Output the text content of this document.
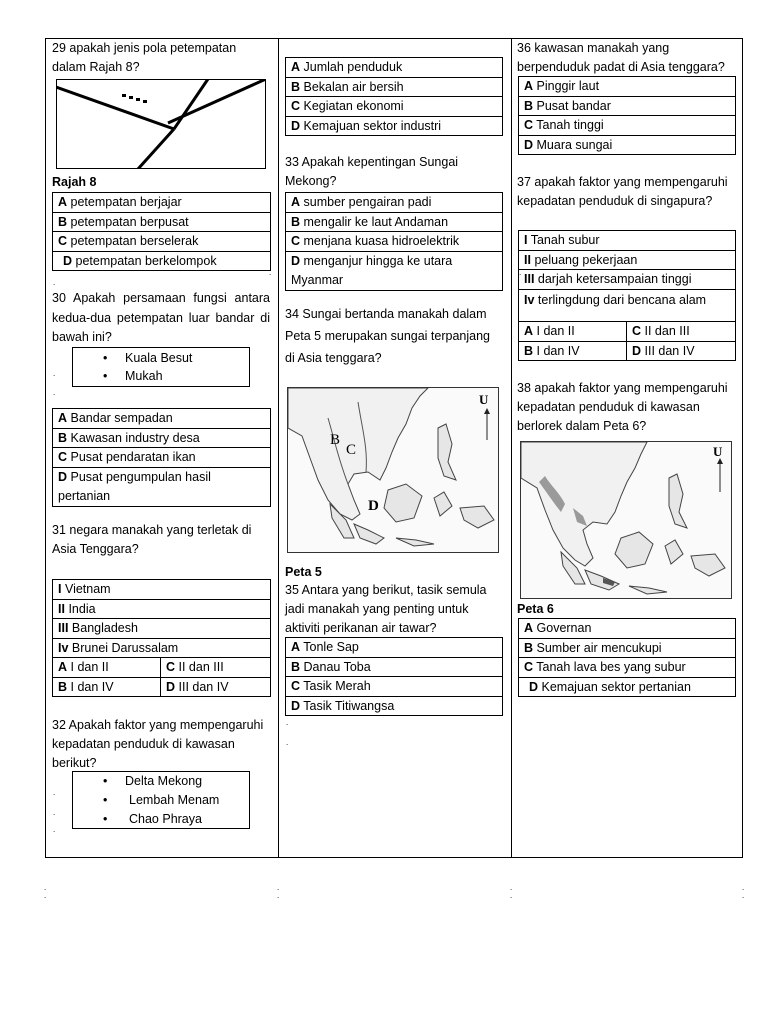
29 apakah jenis pola petempatan dalam Rajah 8?
Rajah 8
A petempatan berjajar
B petempatan berpusat
C petempatan berselerak
D petempatan berkelompok
30 Apakah persamaan fungsi antara kedua-dua petempatan luar bandar di bawah ini?
• Kuala Besut
• Mukah
A Bandar sempadan
B Kawasan industry desa
C Pusat pendaratan ikan
D Pusat pengumpulan hasil pertanian
31 negara manakah yang terletak di Asia Tenggara?
I Vietnam	
II India	
III Bangladesh	
Iv Brunei Darussalam	
A I dan II	C II dan III
B I dan IV	D III dan IV
32 Apakah faktor yang mempengaruhi kepadatan penduduk di kawasan berikut?
• Delta Mekong
• Lembah Menam
• Chao Phraya
.
.
.
.
.
.
.
A Jumlah penduduk
B Bekalan air bersih
C Kegiatan ekonomi
D Kemajuan sektor industri
33 Apakah kepentingan Sungai Mekong?
A sumber pengairan padi
B mengalir ke laut Andaman
C menjana kuasa hidroelektrik
D menganjur hingga ke utara Myanmar
34 Sungai bertanda manakah dalam Peta 5 merupakan sungai terpanjang di Asia tenggara?
U
B
C
D
Peta 5
35 Antara yang berikut, tasik semula jadi manakah yang penting untuk aktiviti perikanan air tawar?
A Tonle Sap
B Danau Toba
C Tasik Merah
D Tasik Titiwangsa
.
.
36 kawasan manakah yang berpenduduk padat di Asia tenggara?
A Pinggir laut
B Pusat bandar
C Tanah tinggi
D Muara sungai
37 apakah faktor yang mempengaruhi kepadatan penduduk di singapura?
I Tanah subur
II peluang pekerjaan
III darjah ketersampaian tinggi
Iv terlingdung dari bencana alam
A I dan II	C II dan III
B I dan IV	D III dan IV
38 apakah faktor yang mempengaruhi kepadatan penduduk di kawasan berlorek dalam Peta 6?
U
Peta 6
A Governan
B Sumber air mencukupi
C Tanah lava bes yang subur
D Kemajuan sektor pertanian
.
.
.
.
.
.
.
.
.
